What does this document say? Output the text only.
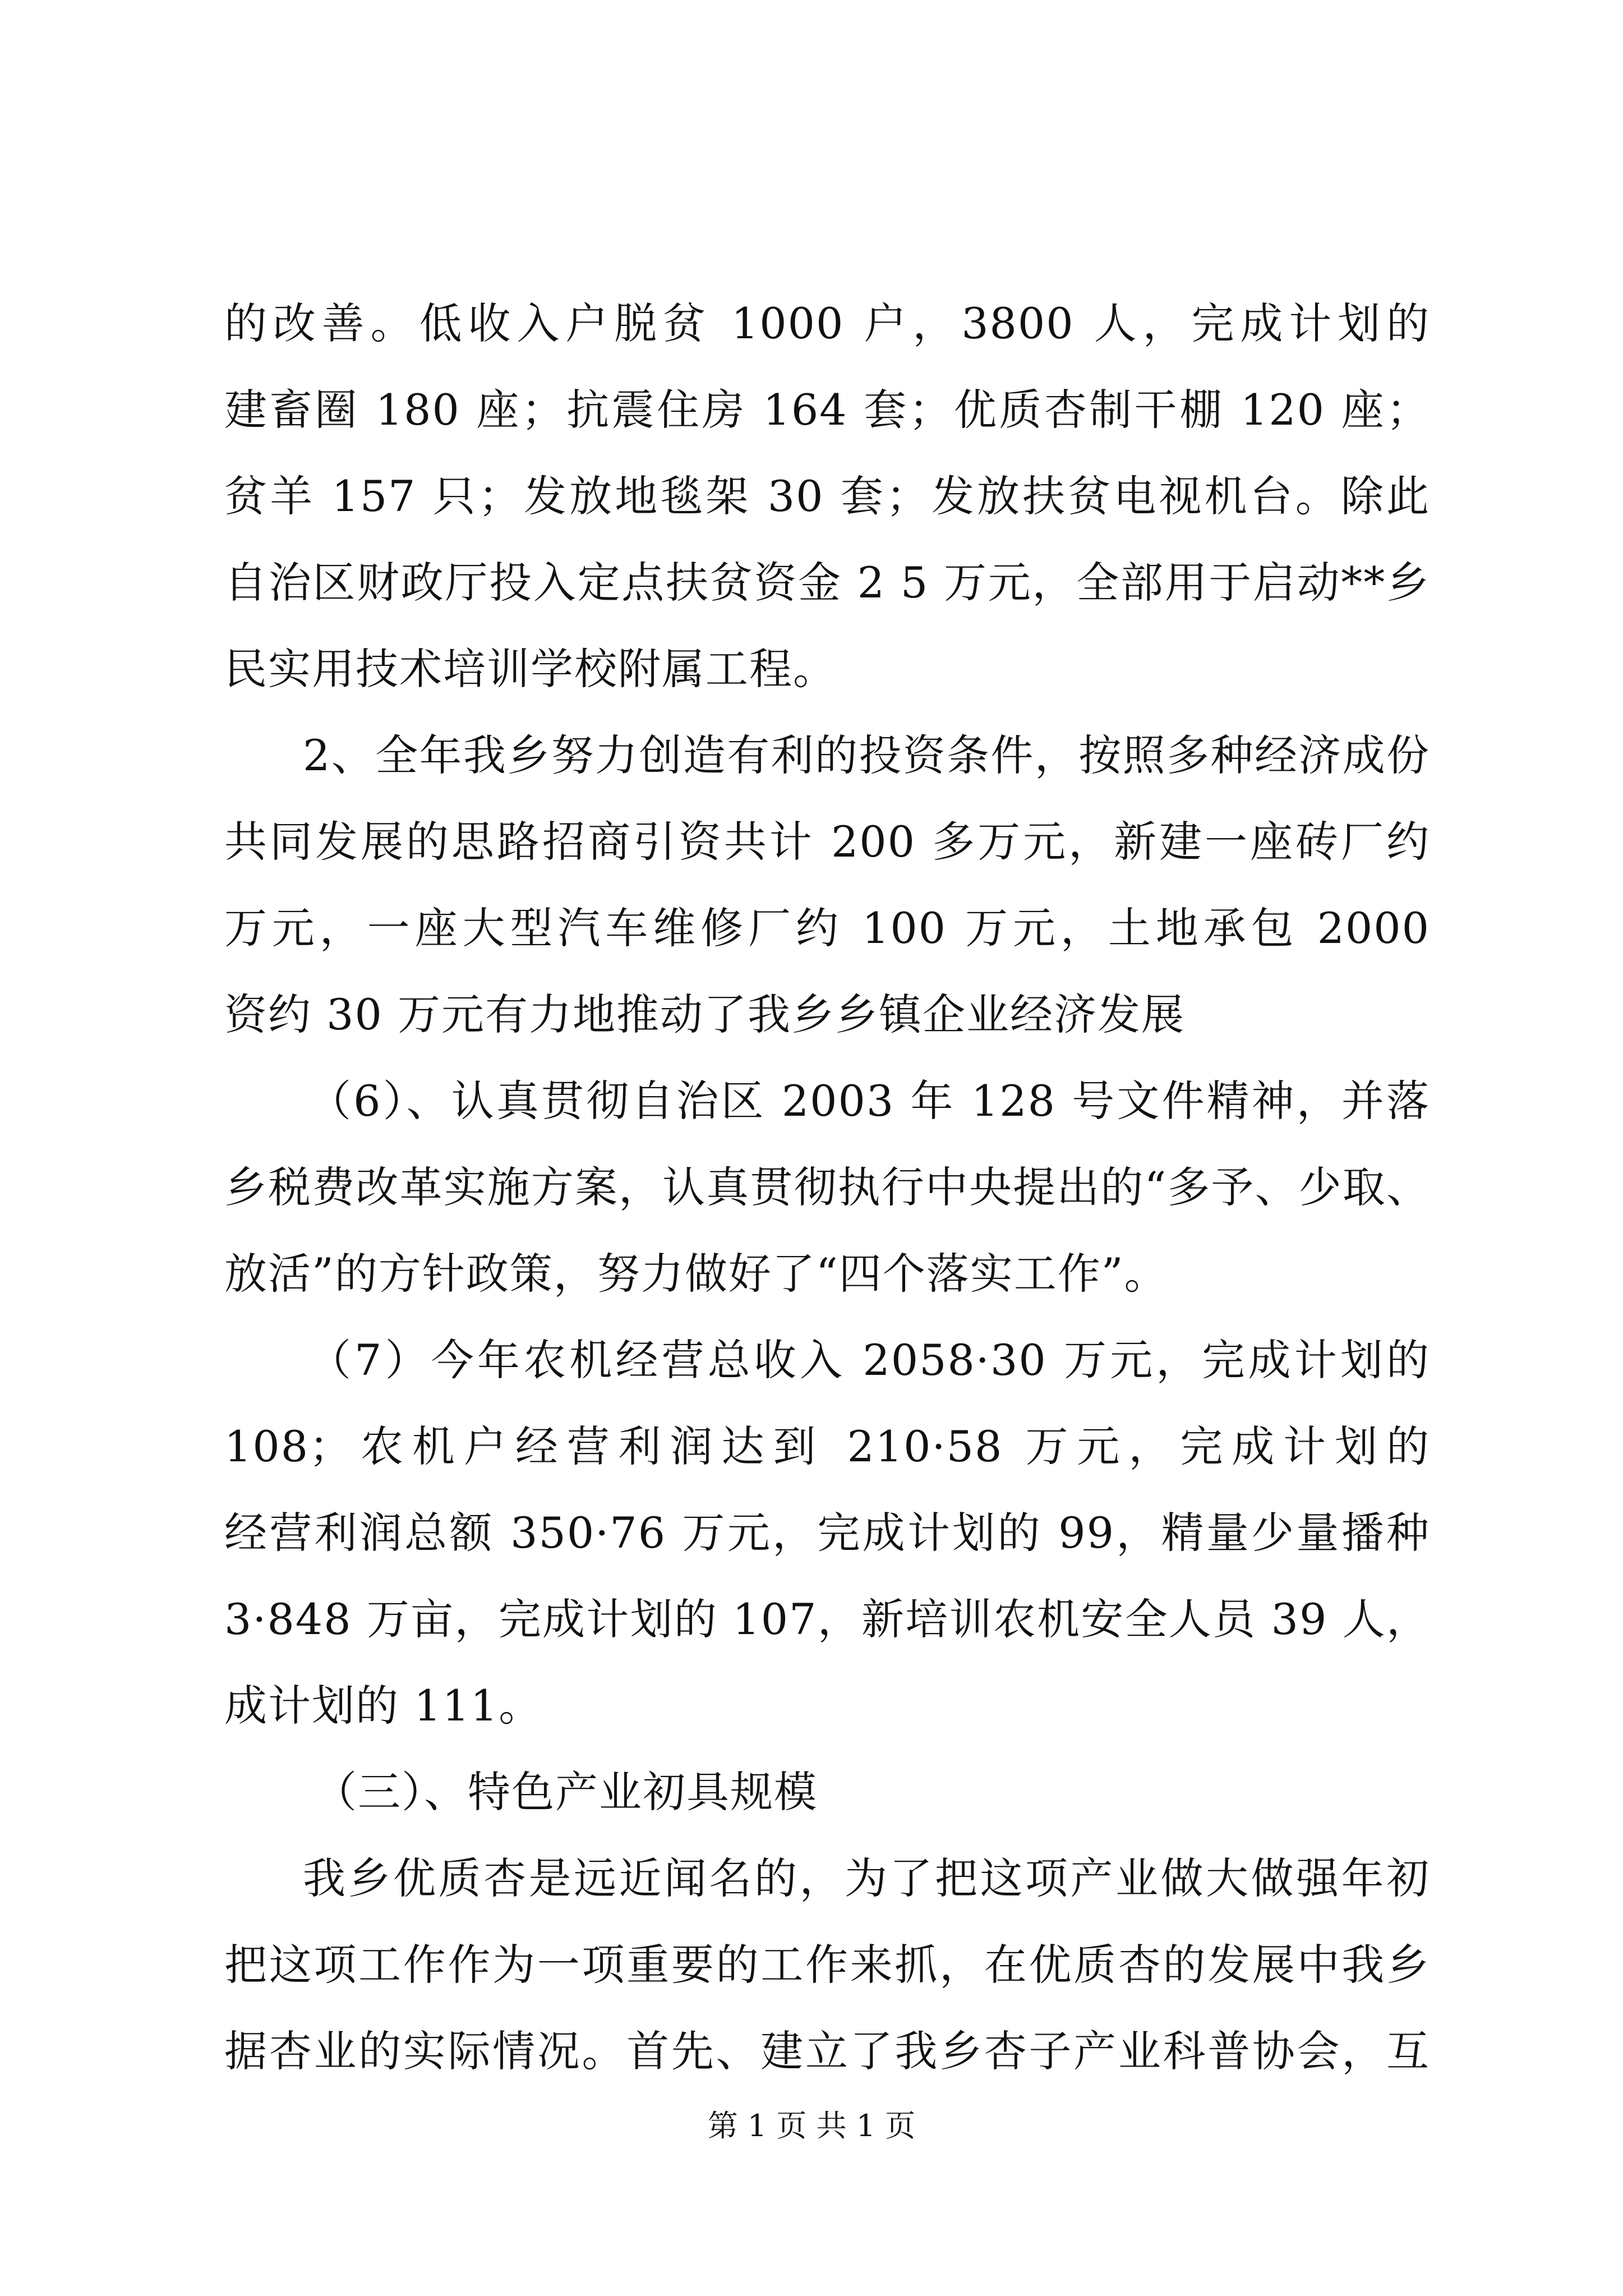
的改善。低收入户脱贫 1000 户，3800 人，完成计划的
建畜圈 180 座；抗震住房 164 套；优质杏制干棚 120 座；
贫羊 157 只；发放地毯架 30 套；发放扶贫电视机台。除此
自治区财政厅投入定点扶贫资金 2 5 万元，全部用于启动**乡
民实用技术培训学校附属工程。
2、全年我乡努力创造有利的投资条件，按照多种经济成份
共同发展的思路招商引资共计 200 多万元，新建一座砖厂约
万元，一座大型汽车维修厂约 100 万元，土地承包 2000
资约 30 万元有力地推动了我乡乡镇企业经济发展
（6）、认真贯彻自治区 2003 年 128 号文件精神，并落
乡税费改革实施方案，认真贯彻执行中央提出的“多予、少取、
放活”的方针政策，努力做好了“四个落实工作”。
（7）今年农机经营总收入 2058·30 万元，完成计划的
108；农机户经营利润达到 210·58 万元，完成计划的
经营利润总额 350·76 万元，完成计划的 99，精量少量播种
3·848 万亩，完成计划的 107，新培训农机安全人员 39 人，
成计划的 111。
（三）、特色产业初具规模
我乡优质杏是远近闻名的，为了把这项产业做大做强年初
把这项工作作为一项重要的工作来抓，在优质杏的发展中我乡
据杏业的实际情况。首先、建立了我乡杏子产业科普协会，互
第 1 页 共 1 页
